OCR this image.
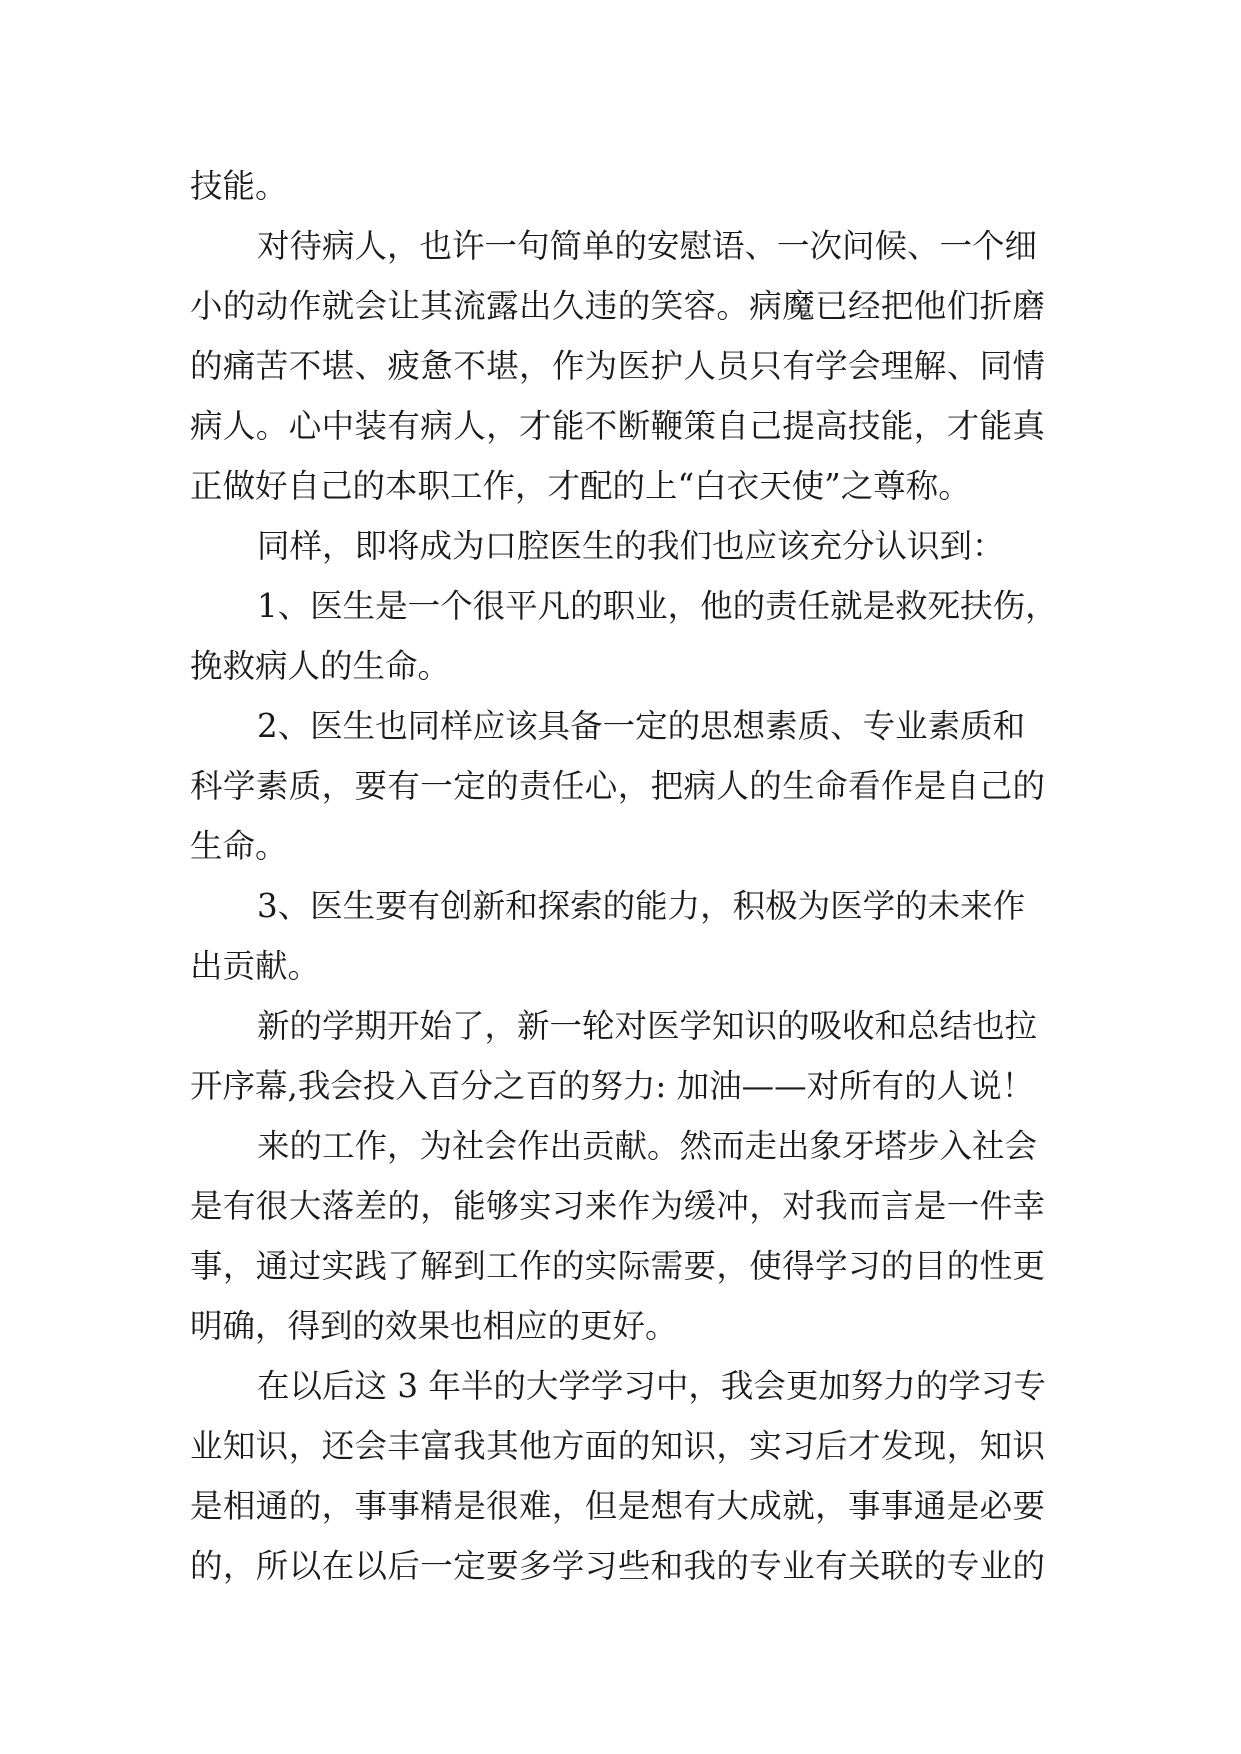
技能。
对待病人，也许一句简单的安慰语、一次问候、一个细
小的动作就会让其流露出久违的笑容。病魔已经把他们折磨
的痛苦不堪、疲惫不堪，作为医护人员只有学会理解、同情
病人。心中装有病人，才能不断鞭策自己提高技能，才能真
正做好自己的本职工作，才配的上“白衣天使”之尊称。
同样，即将成为口腔医生的我们也应该充分认识到：
1、医生是一个很平凡的职业，他的责任就是救死扶伤，
挽救病人的生命。
2、医生也同样应该具备一定的思想素质、专业素质和
科学素质，要有一定的责任心，把病人的生命看作是自己的
生命。
3、医生要有创新和探索的能力，积极为医学的未来作
出贡献。
新的学期开始了，新一轮对医学知识的吸收和总结也拉
开序幕,我会投入百分之百的努力: 加油——对所有的人说！
来的工作，为社会作出贡献。然而走出象牙塔步入社会
是有很大落差的，能够实习来作为缓冲，对我而言是一件幸
事，通过实践了解到工作的实际需要，使得学习的目的性更
明确，得到的效果也相应的更好。
在以后这 3 年半的大学学习中，我会更加努力的学习专
业知识，还会丰富我其他方面的知识，实习后才发现，知识
是相通的，事事精是很难，但是想有大成就，事事通是必要
的，所以在以后一定要多学习些和我的专业有关联的专业的
